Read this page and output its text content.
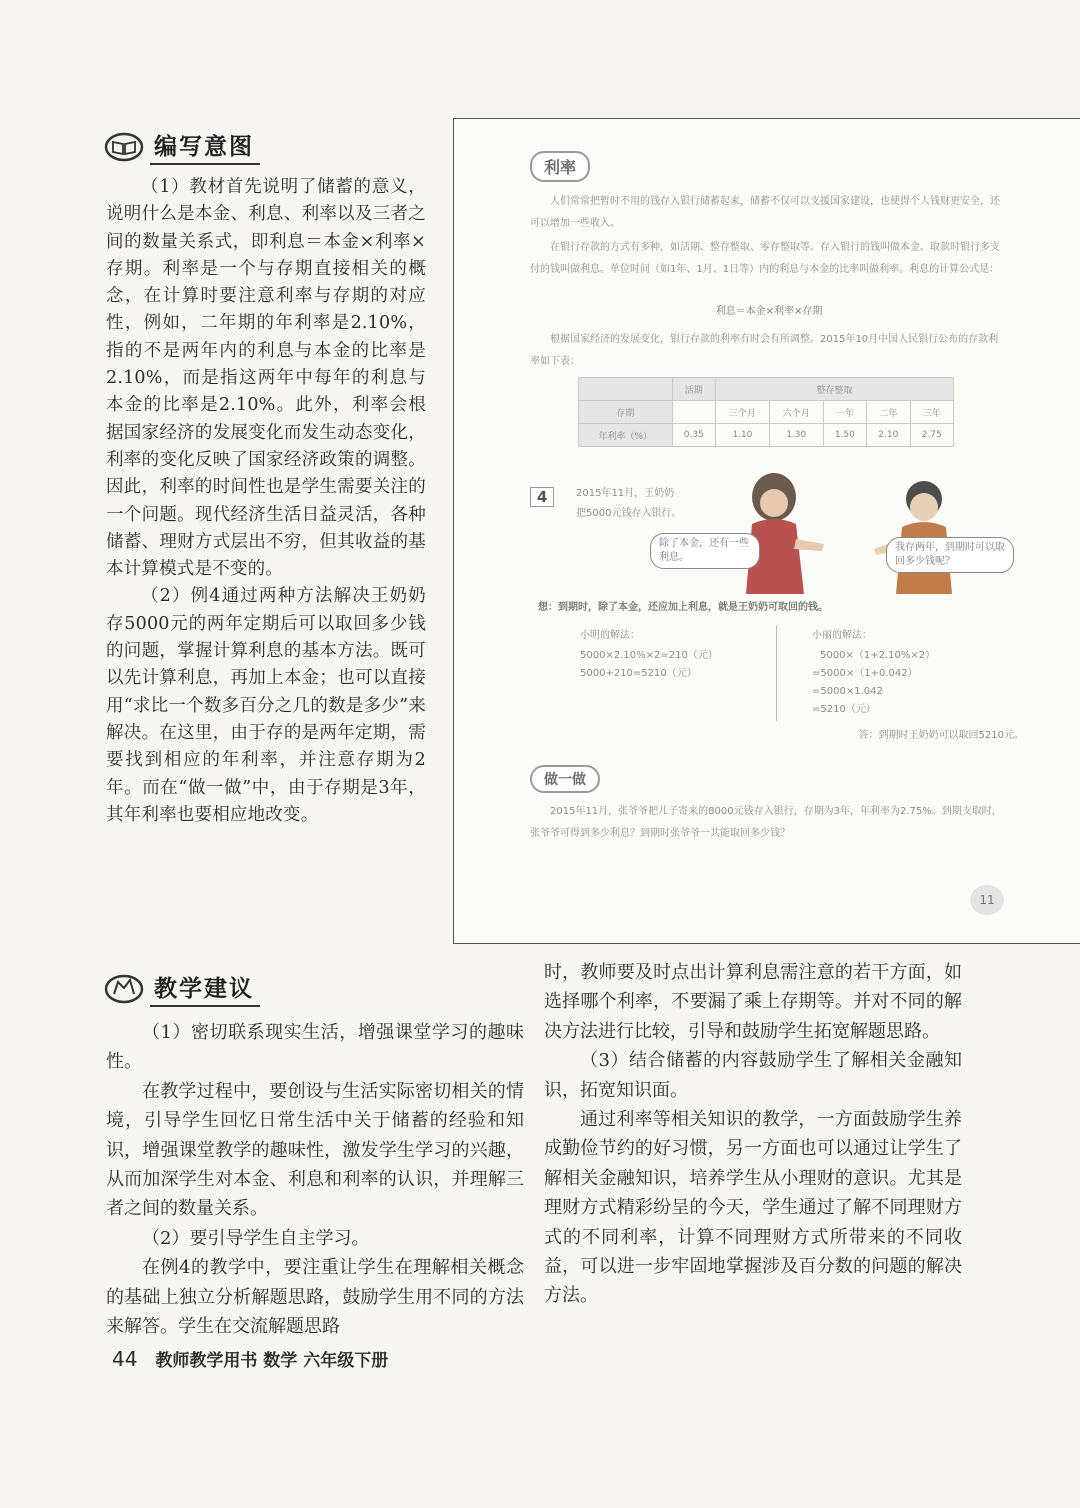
编写意图

（1）教材首先说明了储蓄的意义，说明什么是本金、利息、利率以及三者之间的数量关系式，即利息＝本金×利率×存期。利率是一个与存期直接相关的概念，在计算时要注意利率与存期的对应性，例如，二年期的年利率是2.10%，指的不是两年内的利息与本金的比率是2.10%，而是指这两年中每年的利息与本金的比率是2.10%。此外，利率会根据国家经济的发展变化而发生动态变化，利率的变化反映了国家经济政策的调整。因此，利率的时间性也是学生需要关注的一个问题。现代经济生活日益灵活，各种储蓄、理财方式层出不穷，但其收益的基本计算模式是不变的。

（2）例4通过两种方法解决王奶奶存5000元的两年定期后可以取回多少钱的问题，掌握计算利息的基本方法。既可以先计算利息，再加上本金；也可以直接用“求比一个数多百分之几的数是多少”来解决。在这里，由于存的是两年定期，需要找到相应的年利率，并注意存期为2年。而在“做一做”中，由于存期是3年，其年利率也要相应地改变。

利率

人们常常把暂时不用的钱存入银行储蓄起来，储蓄不仅可以支援国家建设，也使得个人钱财更安全，还可以增加一些收入。

在银行存款的方式有多种，如活期、整存整取、零存整取等。存入银行的钱叫做本金。取款时银行多支付的钱叫做利息。单位时间（如1年、1月、1日等）内的利息与本金的比率叫做利率。利息的计算公式是：

利息＝本金×利率×存期

根据国家经济的发展变化，银行存款的利率有时会有所调整。2015年10月中国人民银行公布的存款利率如下表：

	活期	整存整取				
存期		三个月	六个月	一年	二年	三年
年利率（%）	0.35	1.10	1.30	1.50	2.10	2.75
4	2015年11月，王奶奶

把5000元钱存入银行。

除了本金，还有一些利息。
我存两年，到期时可以取回多少钱呢？

想：到期时，除了本金，还应加上利息，就是王奶奶可取回的钱。

小明的解法：

5000×2.10%×2=210（元）

5000+210=5210（元）

小丽的解法：

5000×（1+2.10%×2）

=5000×（1+0.042）

=5000×1.042

=5210（元）

答：到期时王奶奶可以取回5210元。

做一做

2015年11月，张爷爷把儿子寄来的8000元钱存入银行，存期为3年，年利率为2.75%。到期支取时，张爷爷可得到多少利息？到期时张爷爷一共能取回多少钱？

11
教学建议

（1）密切联系现实生活，增强课堂学习的趣味性。

在教学过程中，要创设与生活实际密切相关的情境，引导学生回忆日常生活中关于储蓄的经验和知识，增强课堂教学的趣味性，激发学生学习的兴趣，从而加深学生对本金、利息和利率的认识，并理解三者之间的数量关系。

（2）要引导学生自主学习。

在例4的教学中，要注重让学生在理解相关概念的基础上独立分析解题思路，鼓励学生用不同的方法来解答。学生在交流解题思路

时，教师要及时点出计算利息需注意的若干方面，如选择哪个利率，不要漏了乘上存期等。并对不同的解决方法进行比较，引导和鼓励学生拓宽解题思路。

（3）结合储蓄的内容鼓励学生了解相关金融知识，拓宽知识面。

通过利率等相关知识的教学，一方面鼓励学生养成勤俭节约的好习惯，另一方面也可以通过让学生了解相关金融知识，培养学生从小理财的意识。尤其是理财方式精彩纷呈的今天，学生通过了解不同理财方式的不同利率，计算不同理财方式所带来的不同收益，可以进一步牢固地掌握涉及百分数的问题的解决方法。

44 教师教学用书 数学 六年级下册
